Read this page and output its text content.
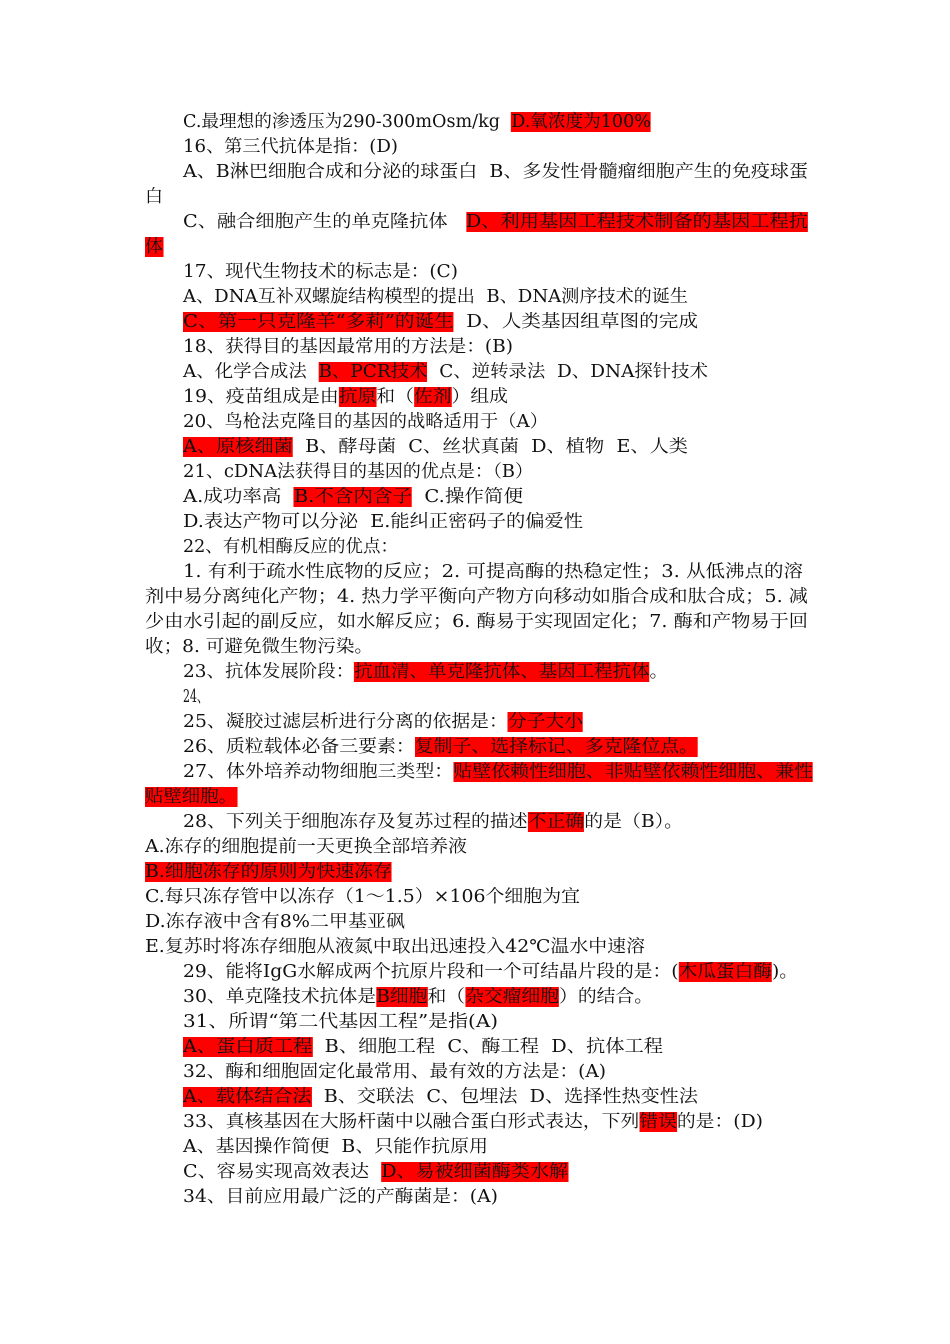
C.最理想的渗透压为290-300mOsm/kg  D.氧浓度为100%
16、第三代抗体是指：(D)
A、B淋巴细胞合成和分泌的球蛋白  B、多发性骨髓瘤细胞产生的免疫球蛋
白
C、融合细胞产生的单克隆抗体   D、利用基因工程技术制备的基因工程抗
体
17、现代生物技术的标志是：(C)
A、DNA互补双螺旋结构模型的提出  B、DNA测序技术的诞生
C、第一只克隆羊“多莉”的诞生  D、人类基因组草图的完成
18、获得目的基因最常用的方法是：(B)
A、化学合成法  B、PCR技术  C、逆转录法  D、DNA探针技术
19、疫苗组成是由抗原和（佐剂）组成
20、鸟枪法克隆目的基因的战略适用于（A）
A、原核细菌  B、酵母菌  C、丝状真菌  D、植物  E、人类
21、cDNA法获得目的基因的优点是：（B）
A.成功率高  B.不含内含子  C.操作简便
D.表达产物可以分泌  E.能纠正密码子的偏爱性
22、有机相酶反应的优点：
1. 有利于疏水性底物的反应；2. 可提高酶的热稳定性；3. 从低沸点的溶
剂中易分离纯化产物；4. 热力学平衡向产物方向移动如脂合成和肽合成；5. 减
少由水引起的副反应，如水解反应；6. 酶易于实现固定化；7. 酶和产物易于回
收；8. 可避免微生物污染。
23、抗体发展阶段：抗血清、单克隆抗体、基因工程抗体。
24、
25、凝胶过滤层析进行分离的依据是：分子大小
26、质粒载体必备三要素：复制子、选择标记、多克隆位点。
27、体外培养动物细胞三类型：贴壁依赖性细胞、非贴壁依赖性细胞、兼性
贴壁细胞。
28、下列关于细胞冻存及复苏过程的描述不正确的是（B）。
A.冻存的细胞提前一天更换全部培养液
B.细胞冻存的原则为快速冻存
C.每只冻存管中以冻存（1～1.5）×106个细胞为宜
D.冻存液中含有8%二甲基亚砜
E.复苏时将冻存细胞从液氮中取出迅速投入42℃温水中速溶
29、能将IgG水解成两个抗原片段和一个可结晶片段的是：(木瓜蛋白酶)。
30、单克隆技术抗体是B细胞和（杂交瘤细胞）的结合。
31、所谓“第二代基因工程”是指(A)
A、蛋白质工程  B、细胞工程  C、酶工程  D、抗体工程
32、酶和细胞固定化最常用、最有效的方法是：(A)
A、载体结合法  B、交联法  C、包埋法  D、选择性热变性法
33、真核基因在大肠杆菌中以融合蛋白形式表达，下列错误的是：(D)
A、基因操作简便  B、只能作抗原用
C、容易实现高效表达  D、易被细菌酶类水解
34、目前应用最广泛的产酶菌是：(A)
